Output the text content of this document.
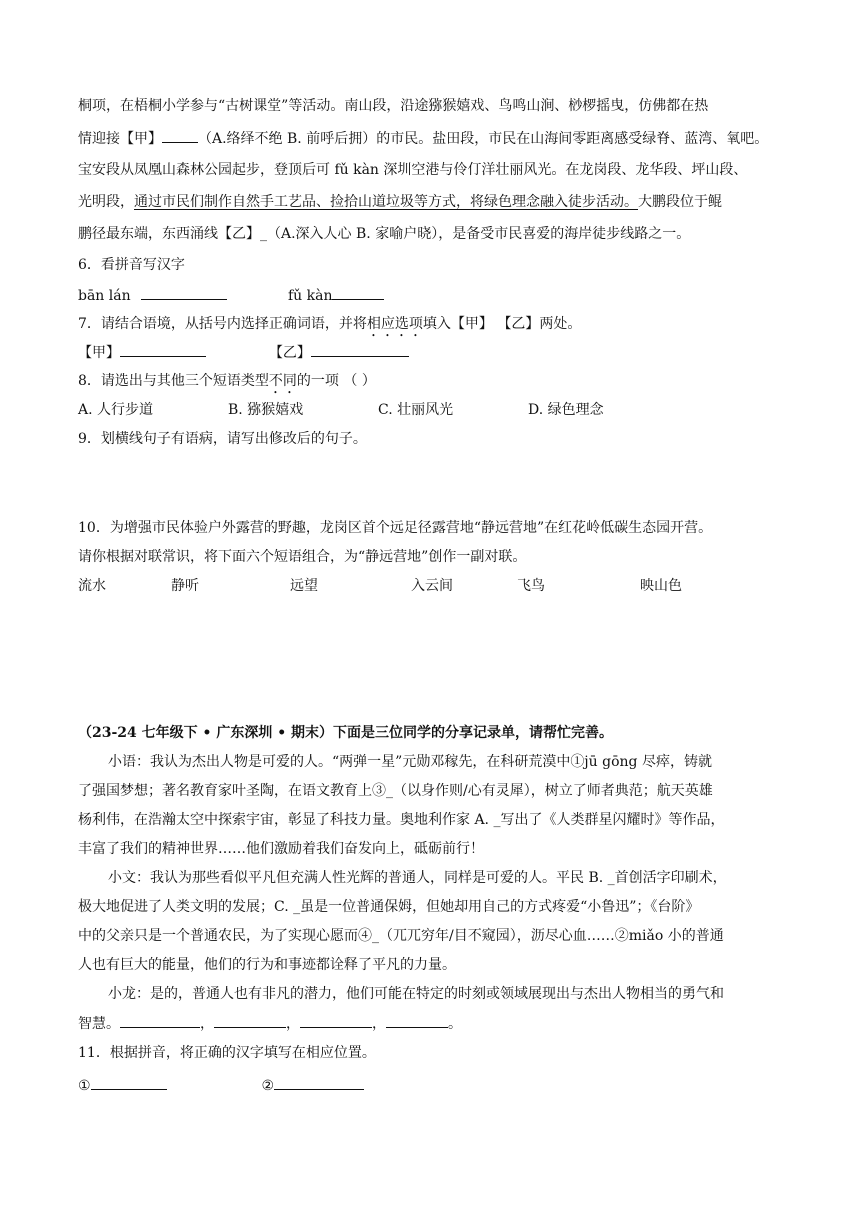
桐项，在梧桐小学参与“古树课堂”等活动。南山段，沿途猕猴嬉戏、鸟鸣山涧、桫椤摇曳，仿佛都在热
情迎接【甲】	（A.络绎不绝 B. 前呼后拥）的市民。盐田段，市民在山海间零距离感受绿脊、蓝湾、氧吧。
宝安段从凤凰山森林公园起步，登顶后可 fǔ kàn 深圳空港与伶仃洋壮丽风光。在龙岗段、龙华段、坪山段、
光明段，通过市民们制作自然手工艺品、捡拾山道垃圾等方式，将绿色理念融入徒步活动。大鹏段位于鲲
鹏径最东端，东西涌线【乙】_（A.深入人心 B. 家喻户晓），是备受市民喜爱的海岸徒步线路之一。
6．看拼音写汉字
bān lán	fǔ kàn
7．请结合语境，从括号内选择正确词语，并将相应选项填入【甲】 【乙】两处。
【甲】	【乙】
8．请选出与其他三个短语类型不同的一项 （ ）
A. 人行步道	B. 猕猴嬉戏	C. 壮丽风光	D. 绿色理念
9．划横线句子有语病，请写出修改后的句子。
10．为增强市民体验户外露营的野趣，龙岗区首个远足径露营地“静远营地”在红花岭低碳生态园开营。
请你根据对联常识，将下面六个短语组合，为“静远营地”创作一副对联。
流水	静听	远望	入云间	飞鸟	映山色
（23-24 七年级下 • 广东深圳 • 期末）下面是三位同学的分享记录单，请帮忙完善。
小语：我认为杰出人物是可爱的人。“两弹一星”元勋邓稼先，在科研荒漠中①jū gōng 尽瘁，铸就
了强国梦想；著名教育家叶圣陶，在语文教育上③_（以身作则/心有灵犀），树立了师者典范；航天英雄
杨利伟，在浩瀚太空中探索宇宙，彰显了科技力量。奥地利作家 A. _写出了《人类群星闪耀时》等作品，
丰富了我们的精神世界……他们激励着我们奋发向上，砥砺前行！
小文：我认为那些看似平凡但充满人性光辉的普通人，同样是可爱的人。平民 B. _首创活字印刷术，
极大地促进了人类文明的发展；C. _虽是一位普通保姆，但她却用自己的方式疼爱“小鲁迅”；《台阶》
中的父亲只是一个普通农民，为了实现心愿而④_（兀兀穷年/目不窥园），沥尽心血……②miǎo 小的普通
人也有巨大的能量，他们的行为和事迹都诠释了平凡的力量。
小龙：是的，普通人也有非凡的潜力，他们可能在特定的时刻或领域展现出与杰出人物相当的勇气和
智慧。	，	，	，	。
11．根据拼音，将正确的汉字填写在相应位置。
①	②
